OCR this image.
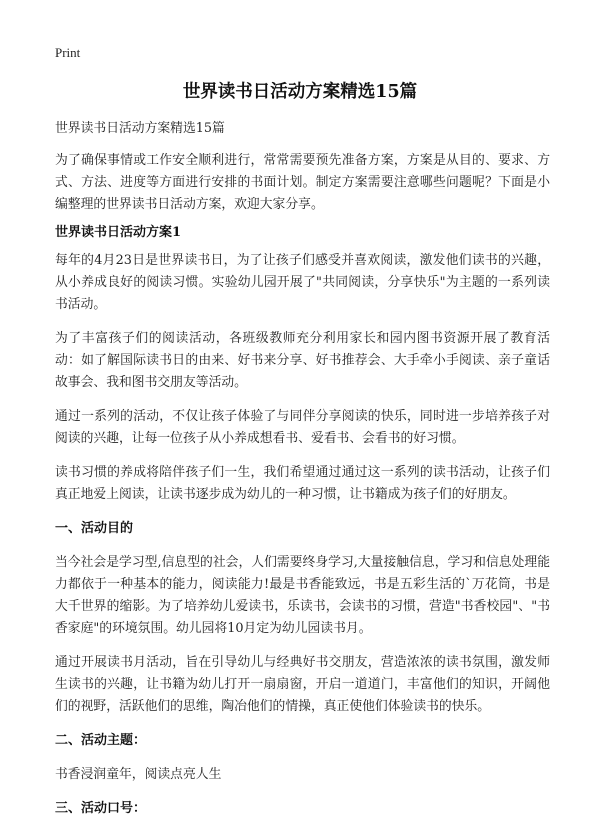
Print
世界读书日活动方案精选15篇

世界读书日活动方案精选15篇

为了确保事情或工作安全顺利进行，常常需要预先准备方案，方案是从目的、要求、方式、方法、进度等方面进行安排的书面计划。制定方案需要注意哪些问题呢？下面是小编整理的世界读书日活动方案，欢迎大家分享。

世界读书日活动方案1

每年的4月23日是世界读书日，为了让孩子们感受并喜欢阅读，激发他们读书的兴趣，从小养成良好的阅读习惯。实验幼儿园开展了"共同阅读，分享快乐"为主题的一系列读书活动。

为了丰富孩子们的阅读活动，各班级教师充分利用家长和园内图书资源开展了教育活动：如了解国际读书日的由来、好书来分享、好书推荐会、大手牵小手阅读、亲子童话故事会、我和图书交朋友等活动。

通过一系列的活动，不仅让孩子体验了与同伴分享阅读的快乐，同时进一步培养孩子对阅读的兴趣，让每一位孩子从小养成想看书、爱看书、会看书的好习惯。

读书习惯的养成将陪伴孩子们一生，我们希望通过通过这一系列的读书活动，让孩子们真正地爱上阅读，让读书逐步成为幼儿的一种习惯，让书籍成为孩子们的好朋友。

一、活动目的

当今社会是学习型,信息型的社会，人们需要终身学习,大量接触信息，学习和信息处理能力都依于一种基本的能力，阅读能力!最是书香能致远，书是五彩生活的`万花筒，书是大千世界的缩影。为了培养幼儿爱读书，乐读书，会读书的习惯，营造"书香校园"、"书香家庭"的环境氛围。幼儿园将10月定为幼儿园读书月。

通过开展读书月活动，旨在引导幼儿与经典好书交朋友，营造浓浓的读书氛围，激发师生读书的兴趣，让书籍为幼儿打开一扇扇窗，开启一道道门，丰富他们的知识，开阔他们的视野，活跃他们的思维，陶冶他们的情操，真正使他们体验读书的快乐。

二、活动主题：

书香浸润童年，阅读点亮人生

三、活动口号：
